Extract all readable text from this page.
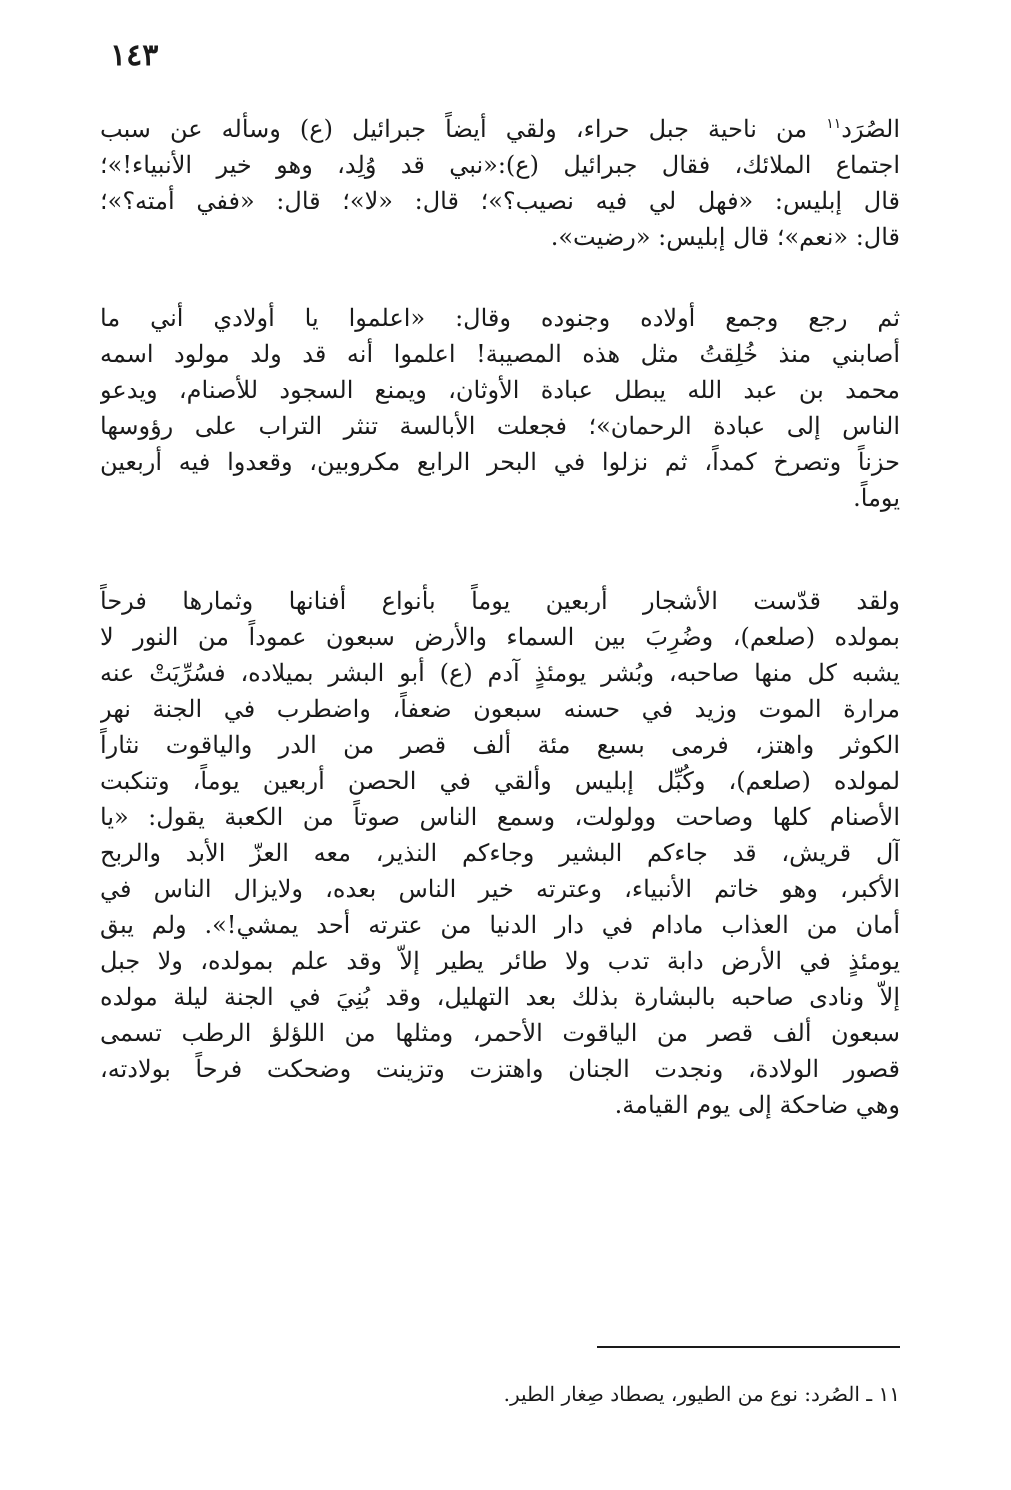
١٤٣
الصُرَد$^{١١}$ من ناحية جبل حراء، ولقي أيضاً جبرائيل (ع) وسأله عن سبب
اجتماع الملائك، فقال جبرائيل (ع):«نبي قد وُلِد، وهو خير الأنبياء!»؛
قال إبليس: «فهل لي فيه نصيب؟»؛ قال: «لا»؛ قال: «ففي أمته؟»؛
قال: «نعم»؛ قال إبليس: «رضيت».
ثم رجع وجمع أولاده وجنوده وقال: «اعلموا يا أولادي أني ما
أصابني منذ خُلِقتُ مثل هذه المصيبة! اعلموا أنه قد ولد مولود اسمه
محمد بن عبد الله يبطل عبادة الأوثان، ويمنع السجود للأصنام، ويدعو
الناس إلى عبادة الرحمان»؛ فجعلت الأبالسة تنثر التراب على رؤوسها
حزناً وتصرخ كمداً، ثم نزلوا في البحر الرابع مكروبين، وقعدوا فيه أربعين
يوماً.
ولقد قدّست الأشجار أربعين يوماً بأنواع أفنانها وثمارها فرحاً
بمولده (صلعم)، وضُرِبَ بين السماء والأرض سبعون عموداً من النور لا
يشبه كل منها صاحبه، وبُشر يومئذٍ آدم (ع) أبو البشر بميلاده، فسُرِّيَتْ عنه
مرارة الموت وزيد في حسنه سبعون ضعفاً، واضطرب في الجنة نهر
الكوثر واهتز، فرمى بسبع مئة ألف قصر من الدر والياقوت نثاراً
لمولده (صلعم)، وكُبِّل إبليس وألقي في الحصن أربعين يوماً، وتنكبت
الأصنام كلها وصاحت وولولت، وسمع الناس صوتاً من الكعبة يقول: «يا
آل قريش، قد جاءكم البشير وجاءكم النذير، معه العزّ الأبد والربح
الأكبر، وهو خاتم الأنبياء، وعترته خير الناس بعده، ولايزال الناس في
أمان من العذاب مادام في دار الدنيا من عترته أحد يمشي!». ولم يبق
يومئذٍ في الأرض دابة تدب ولا طائر يطير إلاّ وقد علم بمولده، ولا جبل
إلاّ ونادى صاحبه بالبشارة بذلك بعد التهليل، وقد بُنِيَ في الجنة ليلة مولده
سبعون ألف قصر من الياقوت الأحمر، ومثلها من اللؤلؤ الرطب تسمى
قصور الولادة، ونجدت الجنان واهتزت وتزينت وضحكت فرحاً بولادته،
وهي ضاحكة إلى يوم القيامة.
١١ ـ الصُرد: نوع من الطيور، يصطاد صِغار الطير.
